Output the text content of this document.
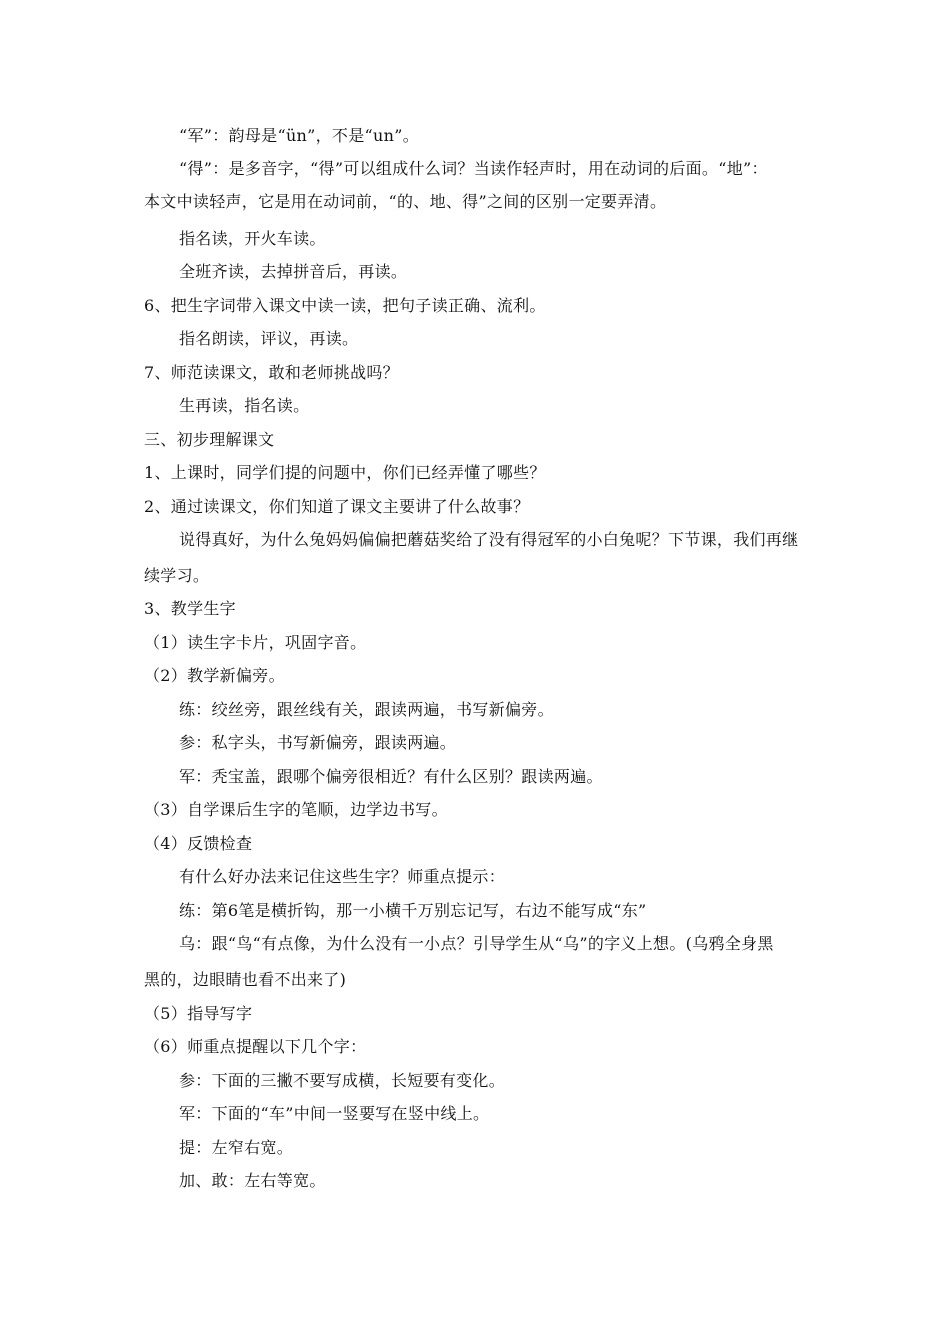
“军”：韵母是“ün”，不是“un”。
“得”：是多音字，“得”可以组成什么词？当读作轻声时，用在动词的后面。“地”：
本文中读轻声，它是用在动词前，“的、地、得”之间的区别一定要弄清。
指名读，开火车读。
全班齐读，去掉拼音后，再读。
6、把生字词带入课文中读一读，把句子读正确、流利。
指名朗读，评议，再读。
7、师范读课文，敢和老师挑战吗？
生再读，指名读。
三、初步理解课文
1、上课时，同学们提的问题中，你们已经弄懂了哪些？
2、通过读课文，你们知道了课文主要讲了什么故事？
说得真好，为什么兔妈妈偏偏把蘑菇奖给了没有得冠军的小白兔呢？下节课，我们再继
续学习。
3、教学生字
（1）读生字卡片，巩固字音。
（2）教学新偏旁。
练：绞丝旁，跟丝线有关，跟读两遍，书写新偏旁。
参：私字头，书写新偏旁，跟读两遍。
军：秃宝盖，跟哪个偏旁很相近？有什么区别？跟读两遍。
（3）自学课后生字的笔顺，边学边书写。
（4）反馈检查
有什么好办法来记住这些生字？师重点提示：
练：第6笔是横折钩，那一小横千万别忘记写，右边不能写成“东”
乌：跟“鸟“有点像，为什么没有一小点？引导学生从“乌”的字义上想。(乌鸦全身黑
黑的，边眼睛也看不出来了)
（5）指导写字
（6）师重点提醒以下几个字：
参：下面的三撇不要写成横，长短要有变化。
军：下面的“车”中间一竖要写在竖中线上。
提：左窄右宽。
加、敢：左右等宽。
